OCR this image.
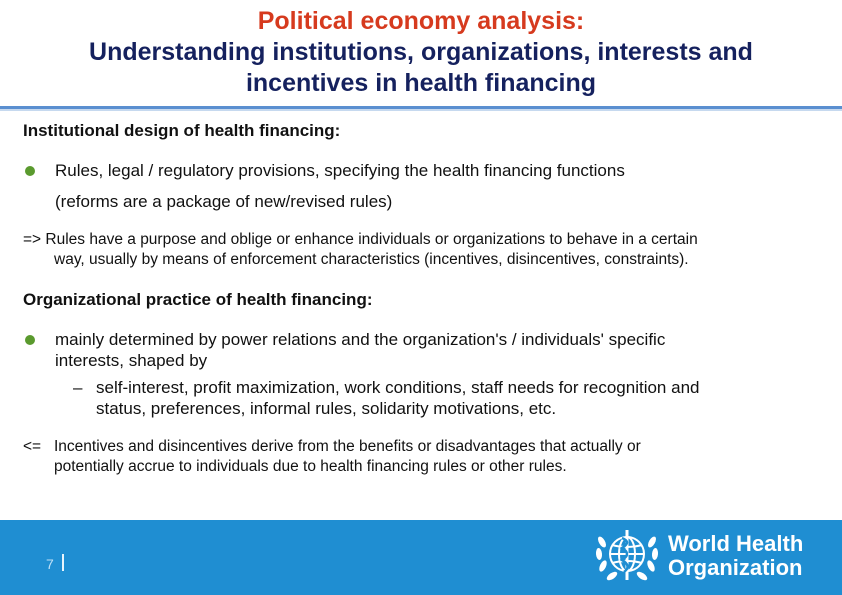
Political economy analysis:
Understanding institutions, organizations, interests and
incentives in health financing
Institutional design of health financing:
Rules, legal / regulatory provisions, specifying the health financing functions
(reforms are a package of new/revised rules)
=> Rules have a purpose and oblige or enhance individuals or organizations to behave in a certain
way, usually by means of enforcement characteristics (incentives, disincentives, constraints).
Organizational practice of health financing:
mainly determined by power relations and the organization's / individuals' specific
interests, shaped by
– self-interest, profit maximization, work conditions, staff needs for recognition and
status, preferences, informal rules, solidarity motivations, etc.
<= Incentives and disincentives derive from the benefits or disadvantages that actually or
potentially accrue to individuals due to health financing rules or other rules.
7
World Health
Organization
